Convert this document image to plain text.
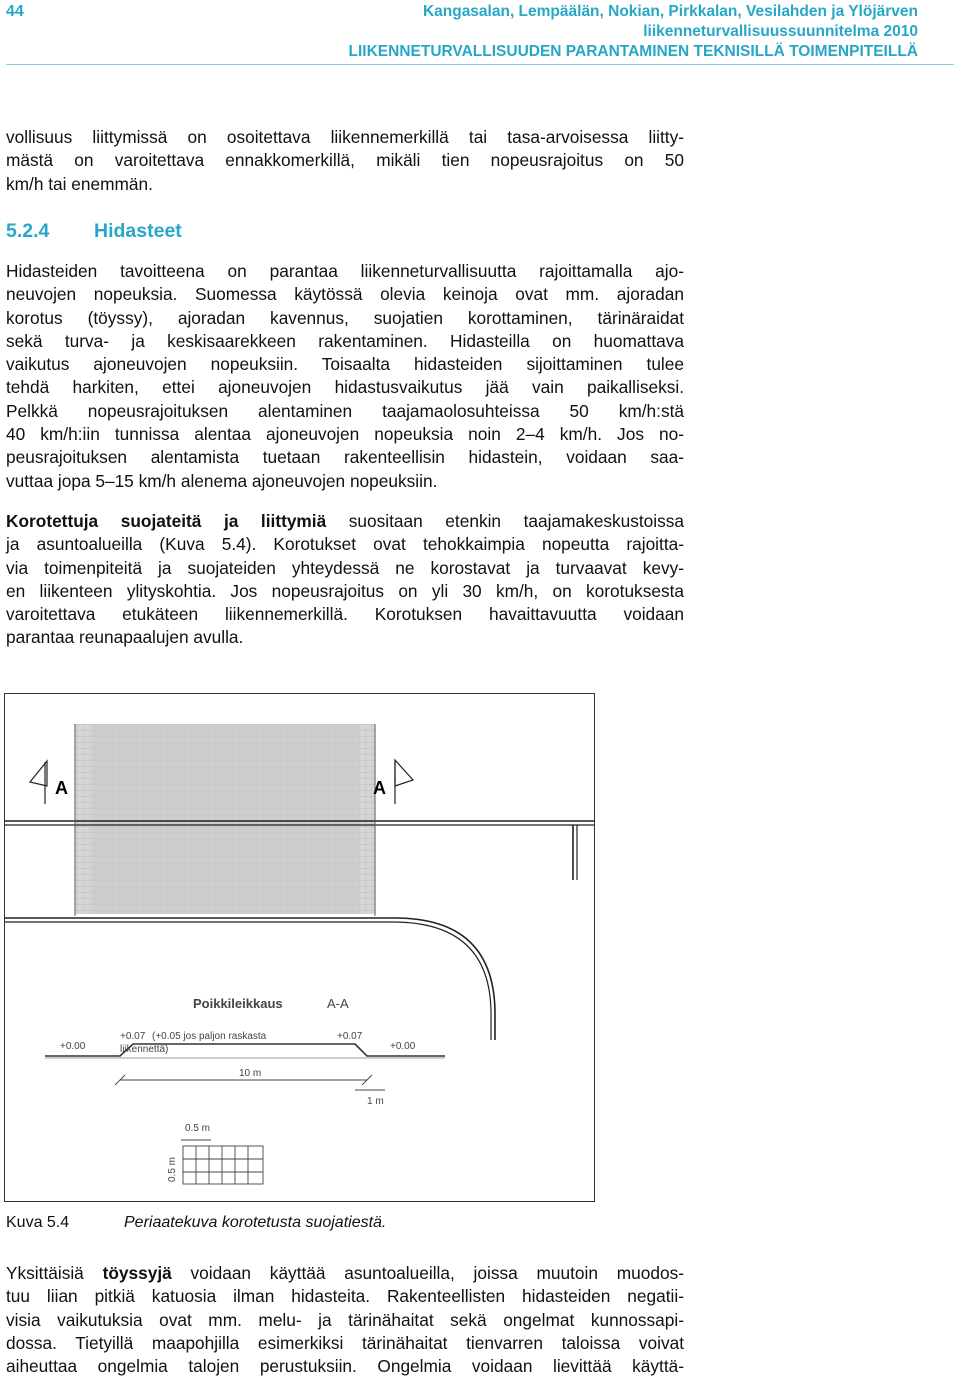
44	Kangasalan, Lempäälän, Nokian, Pirkkalan, Vesilahden ja Ylöjärven
liikenneturvallisuussuunnitelma 2010
LIIKENNETURVALLISUUDEN PARANTAMINEN TEKNISILLÄ TOIMENPITEILLÄ
vollisuus liittymissä on osoitettava liikennemerkillä tai tasa-arvoisessa liitty-
mästä on varoitettava ennakkomerkillä, mikäli tien nopeusrajoitus on 50
km/h tai enemmän.
5.2.4 Hidasteet
Hidasteiden tavoitteena on parantaa liikenneturvallisuutta rajoittamalla ajo-
neuvojen nopeuksia. Suomessa käytössä olevia keinoja ovat mm. ajoradan
korotus (töyssy), ajoradan kavennus, suojatien korottaminen, tärinäraidat
sekä turva- ja keskisaarekkeen rakentaminen. Hidasteilla on huomattava
vaikutus ajoneuvojen nopeuksiin. Toisaalta hidasteiden sijoittaminen tulee
tehdä harkiten, ettei ajoneuvojen hidastusvaikutus jää vain paikalliseksi.
Pelkkä nopeusrajoituksen alentaminen taajamaolosuhteissa 50 km/h:stä
40 km/h:iin tunnissa alentaa ajoneuvojen nopeuksia noin 2–4 km/h. Jos no-
peusrajoituksen alentamista tuetaan rakenteellisin hidastein, voidaan saa-
vuttaa jopa 5–15 km/h alenema ajoneuvojen nopeuksiin.
Korotettuja suojateitä ja liittymiä suositaan etenkin taajamakeskustoissa
ja asuntoalueilla (Kuva 5.4). Korotukset ovat tehokkaimpia nopeutta rajoitta-
via toimenpiteitä ja suojateiden yhteydessä ne korostavat ja turvaavat kevy-
en liikenteen ylityskohtia. Jos nopeusrajoitus on yli 30 km/h, on korotuksesta
varoitettava etukäteen liikennemerkillä. Korotuksen havaittavuutta voidaan
parantaa reunapaalujen avulla.
A	A
Poikkileikkaus	A-A
+0.00
+0.07 (+0.05 jos paljon raskasta
liikennettä)
+0.07
+0.00
10 m
1 m
0.5 m
0.5 m
Kuva 5.4	Periaatekuva korotetusta suojatiestä.
Yksittäisiä töyssyjä voidaan käyttää asuntoalueilla, joissa muutoin muodos-
tuu liian pitkiä katuosia ilman hidasteita. Rakenteellisten hidasteiden negatii-
visia vaikutuksia ovat mm. melu- ja tärinähaitat sekä ongelmat kunnossapi-
dossa. Tietyillä maapohjilla esimerkiksi tärinähaitat tienvarren taloissa voivat
aiheuttaa ongelmia talojen perustuksiin. Ongelmia voidaan lievittää käyttä-
